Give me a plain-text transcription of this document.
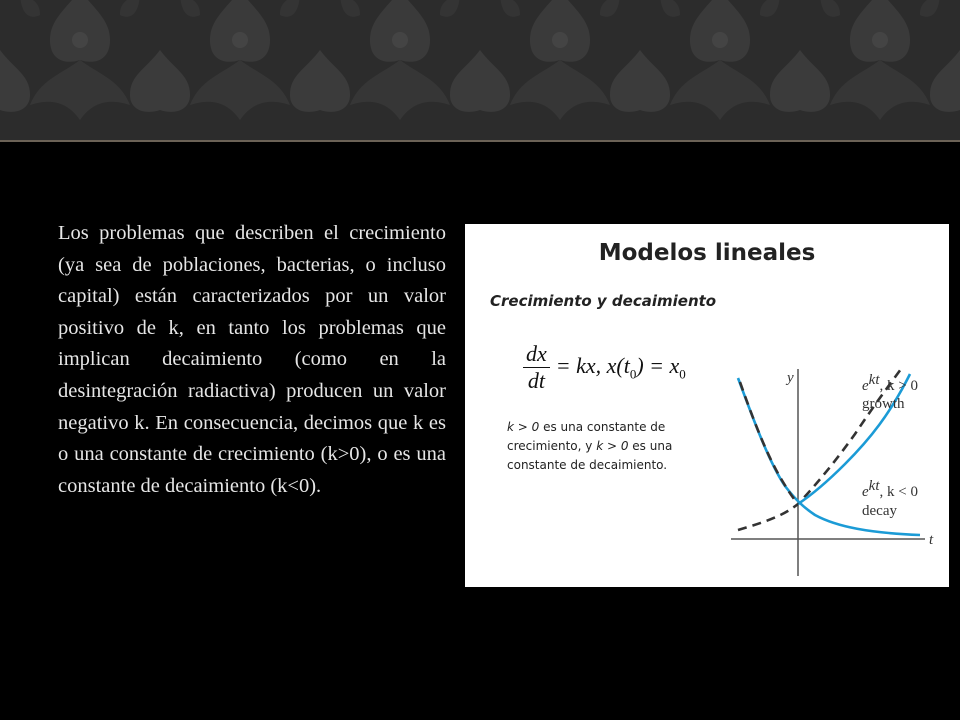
Los problemas que describen el crecimiento (ya sea de poblaciones, bacterias, o incluso capital) están caracterizados por un valor positivo de k, en tanto los problemas que implican decaimiento (como en la desintegración radiactiva) producen un valor negativo k. En consecuencia, decimos que k es o una constante de crecimiento (k>0), o es una constante de decaimiento (k<0).

Modelos lineales
Crecimiento y decaimiento
$\frac{dx}{dt}$ = kx, $x(t_0) = x_0$
k > 0 es una constante de crecimiento, y k > 0 es una constante de decaimiento.
y
t
ekt, k > 0
growth
ekt, k < 0
decay
